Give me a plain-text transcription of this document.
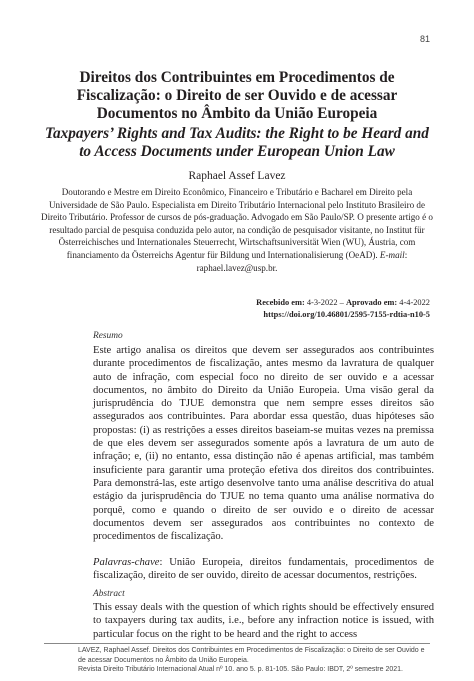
81
Direitos dos Contribuintes em Procedimentos de Fiscalização: o Direito de ser Ouvido e de acessar Documentos no Âmbito da União Europeia
Taxpayers’ Rights and Tax Audits: the Right to be Heard and to Access Documents under European Union Law
Raphael Assef Lavez
Doutorando e Mestre em Direito Econômico, Financeiro e Tributário e Bacharel em Direito pela Universidade de São Paulo. Especialista em Direito Tributário Internacional pelo Instituto Brasileiro de Direito Tributário. Professor de cursos de pós-graduação. Advogado em São Paulo/SP. O presente artigo é o resultado parcial de pesquisa conduzida pelo autor, na condição de pesquisador visitante, no Institut für Österreichisches und Internationales Steuerrecht, Wirtschaftsuniversität Wien (WU), Áustria, com financiamento da Österreichs Agentur für Bildung und Internationalisierung (OeAD). E-mail: raphael.lavez@usp.br.
Recebido em: 4-3-2022 – Aprovado em: 4-4-2022
https://doi.org/10.46801/2595-7155-rdtia-n10-5
Resumo

Este artigo analisa os direitos que devem ser assegurados aos contribuintes durante procedimentos de fiscalização, antes mesmo da lavratura de qualquer auto de infração, com especial foco no direito de ser ouvido e a acessar documentos, no âmbito do Direito da União Europeia. Uma visão geral da jurisprudência do TJUE demonstra que nem sempre esses direitos são assegurados aos contribuintes. Para abordar essa questão, duas hipóteses são propostas: (i) as restrições a esses direitos baseiam-se muitas vezes na premissa de que eles devem ser assegurados somente após a lavratura de um auto de infração; e, (ii) no entanto, essa distinção não é apenas artificial, mas também insuficiente para garantir uma proteção efetiva dos direitos dos contribuintes. Para demonstrá-las, este artigo desenvolve tanto uma análise descritiva do atual estágio da jurisprudência do TJUE no tema quanto uma análise normativa do porquê, como e quando o direito de ser ouvido e o direito de acessar documentos devem ser assegurados aos contribuintes no contexto de procedimentos de fiscalização.

Palavras-chave: União Europeia, direitos fundamentais, procedimentos de fiscalização, direito de ser ouvido, direito de acessar documentos, restrições.

Abstract

This essay deals with the question of which rights should be effectively ensured to taxpayers during tax audits, i.e., before any infraction notice is issued, with particular focus on the right to be heard and the right to access

LAVEZ, Raphael Assef. Direitos dos Contribuintes em Procedimentos de Fiscalização: o Direito de ser Ouvido e de acessar Documentos no Âmbito da União Europeia.
Revista Direito Tributário Internacional Atual nº 10. ano 5. p. 81-105. São Paulo: IBDT, 2º semestre 2021.
